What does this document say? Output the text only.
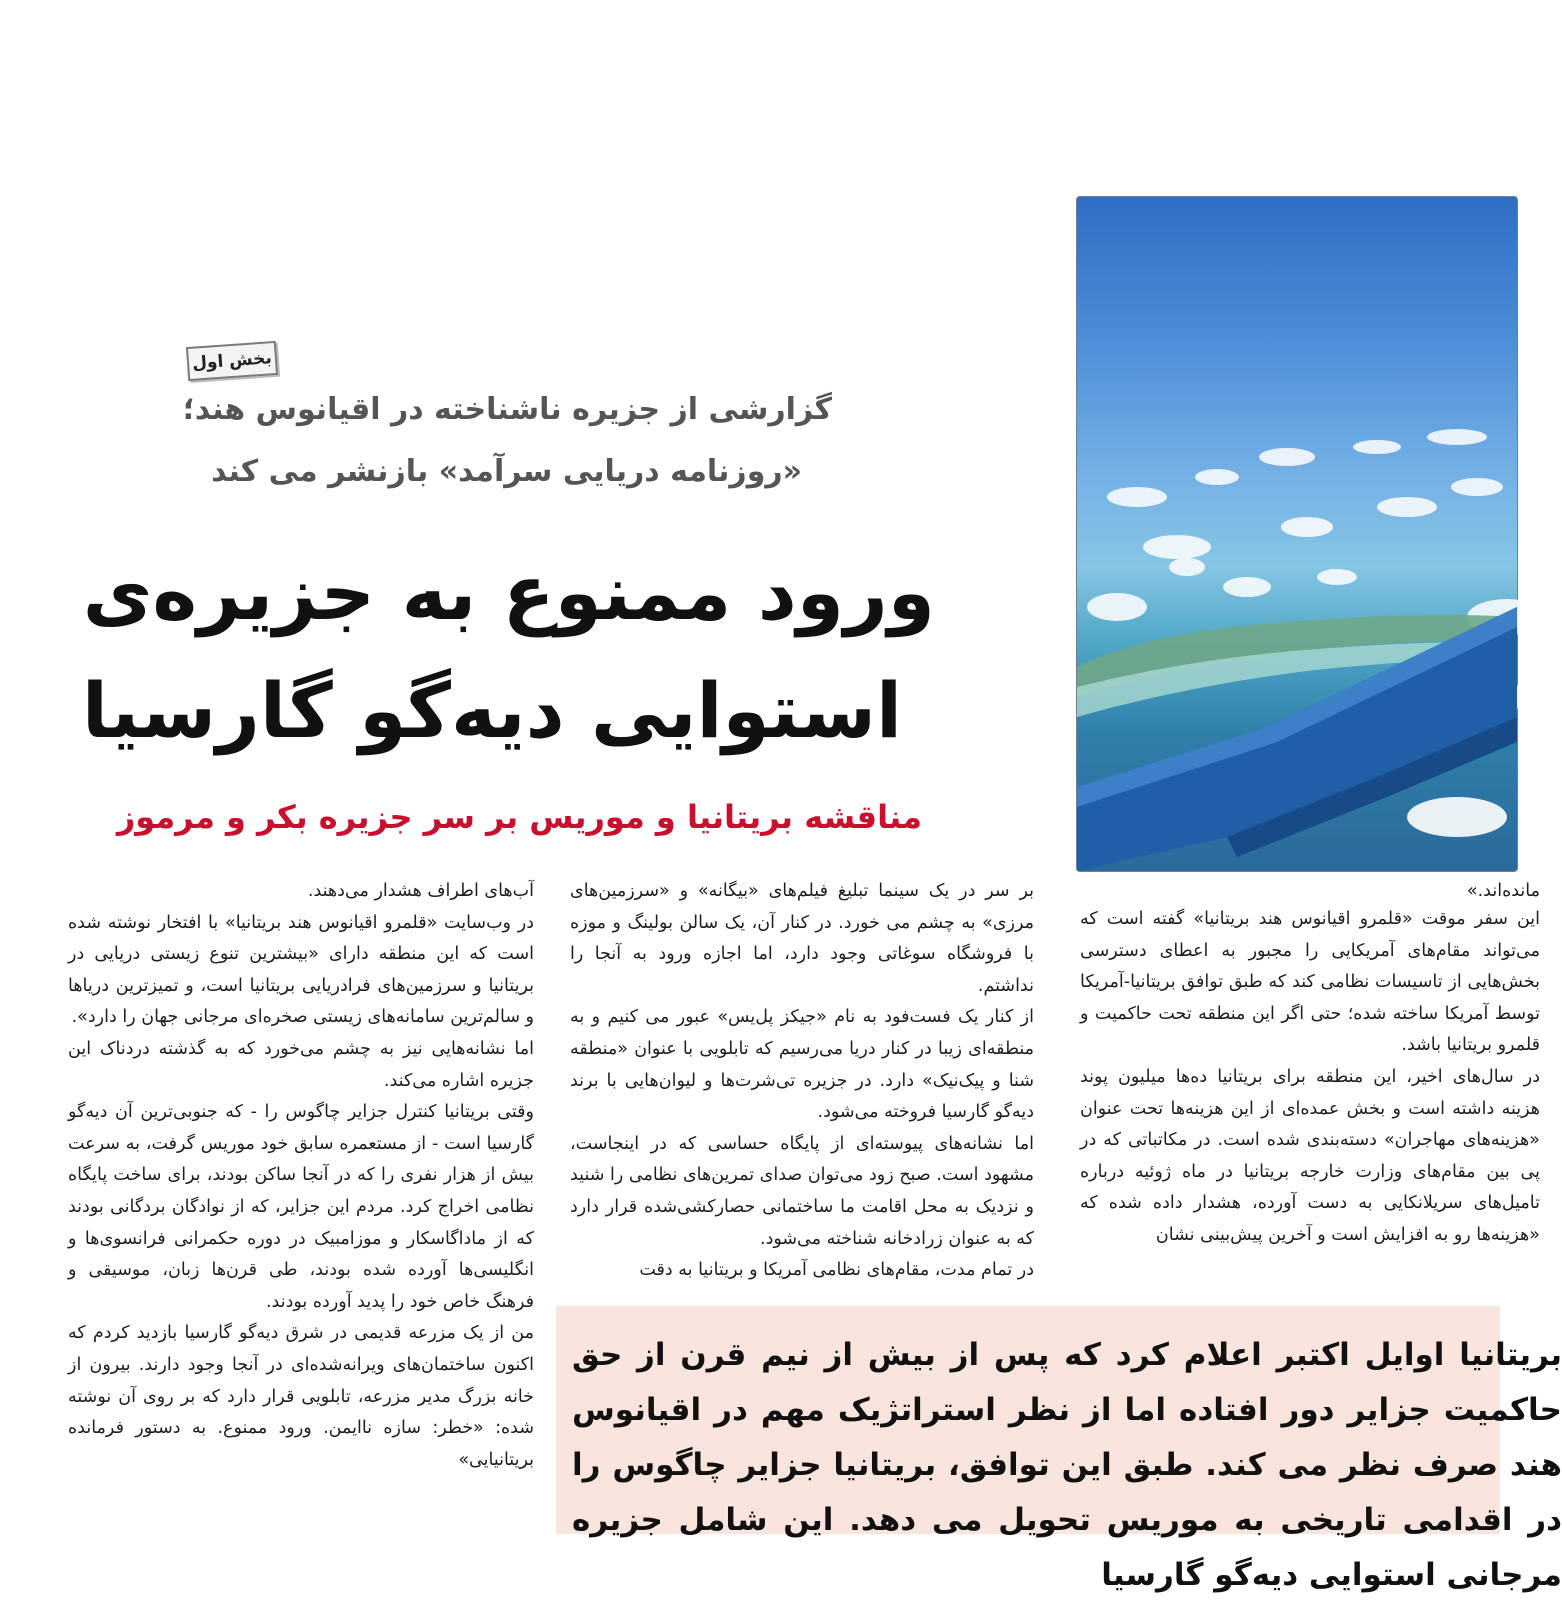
بخش اول
گزارشی از جزیره ناشناخته در اقیانوس هند؛
«روزنامه دریایی سرآمد» بازنشر می کند
ورود ممنوع به جزیره‌ی
استوایی دیه‌گو گارسیا
مناقشه بریتانیا و موریس بر سر جزیره بکر و مرموز
‌مانده‌اند.»

این سفر موقت «قلمرو اقیانوس هند بریتانیا» گفته است که می‌تواند مقام‌های آمریکایی را مجبور به اعطای دسترسی بخش‌هایی از تاسیسات نظامی کند که طبق توافق بریتانیا-آمریکا توسط آمریکا ساخته شده؛ حتی اگر این منطقه تحت حاکمیت و قلمرو بریتانیا باشد.

در سال‌های اخیر، این منطقه برای بریتانیا ده‌ها میلیون پوند هزینه داشته است و بخش عمده‌ای از این هزینه‌ها تحت عنوان «هزینه‌های مهاجران» دسته‌بندی شده است. در مکاتباتی که در پی بین مقام‌های وزارت خارجه بریتانیا در ماه ژوئیه درباره تامیل‌های سریلانکایی به دست آورده، هشدار داده شده که «هزینه‌ها رو به افزایش است و آخرین پیش‌بینی نشان

بر سر در یک سینما تبلیغ فیلم‌های «بیگانه» و «سرزمین‌های مرزی» به چشم می خورد. در کنار آن، یک سالن بولینگ و موزه با فروشگاه سوغاتی وجود دارد، اما اجازه ورود به آنجا را نداشتم.

از کنار یک فست‌فود به نام «جیکز پل‌یس» عبور می کنیم و به منطقه‌ای زیبا در کنار دریا می‌رسیم که تابلویی با عنوان «منطقه شنا و پیک‌نیک» دارد. در جزیره تی‌شرت‌ها و لیوان‌هایی با برند دیه‌گو گارسیا فروخته می‌شود.

اما نشانه‌های پیوسته‌ای از پایگاه حساسی که در اینجاست، مشهود است. صبح زود می‌توان صدای تمرین‌های نظامی را شنید و نزدیک به محل اقامت ما ساختمانی حصارکشی‌شده قرار دارد که به عنوان زرادخانه شناخته می‌شود.

در تمام مدت، مقام‌های نظامی آمریکا و بریتانیا به دقت

آب‌های اطراف هشدار می‌دهند.

در وب‌سایت «قلمرو اقیانوس هند بریتانیا» با افتخار نوشته شده است که این منطقه دارای «بیشترین تنوع زیستی دریایی در بریتانیا و سرزمین‌های فرادریایی بریتانیا است، و تمیزترین دریاها و سالم‌ترین سامانه‌های زیستی صخره‌ای مرجانی جهان را دارد».

اما نشانه‌هایی نیز به چشم می‌خورد که به گذشته دردناک این جزیره اشاره می‌کند.

وقتی بریتانیا کنترل جزایر چاگوس را - که جنوبی‌ترین آن دیه‌گو گارسیا است - از مستعمره سابق خود موریس گرفت، به سرعت بیش از هزار نفری را که در آنجا ساکن بودند، برای ساخت پایگاه نظامی اخراج کرد. مردم این جزایر، که از نوادگان بردگانی بودند که از ماداگاسکار و موزامبیک در دوره حکمرانی فرانسوی‌ها و انگلیسی‌ها آورده شده بودند، طی قرن‌ها زبان، موسیقی و فرهنگ خاص خود را پدید آورده بودند.

من از یک مزرعه قدیمی در شرق دیه‌گو گارسیا بازدید کردم که اکنون ساختمان‌های ویرانه‌شده‌ای در آنجا وجود دارند. بیرون از خانه بزرگ مدیر مزرعه، تابلویی قرار دارد که بر روی آن نوشته شده: «خطر: سازه ناایمن. ورود ممنوع. به دستور فرمانده بریتانیایی»

بریتانیا اوایل اکتبر اعلام کرد که پس از بیش از نیم قرن از حق حاکمیت جزایر دور افتاده اما از نظر استراتژیک مهم در اقیانوس هند صرف نظر می کند. طبق این توافق، بریتانیا جزایر چاگوس را در اقدامی تاریخی به موریس تحویل می دهد. این شامل جزیره مرجانی استوایی دیه‌گو گارسیا
